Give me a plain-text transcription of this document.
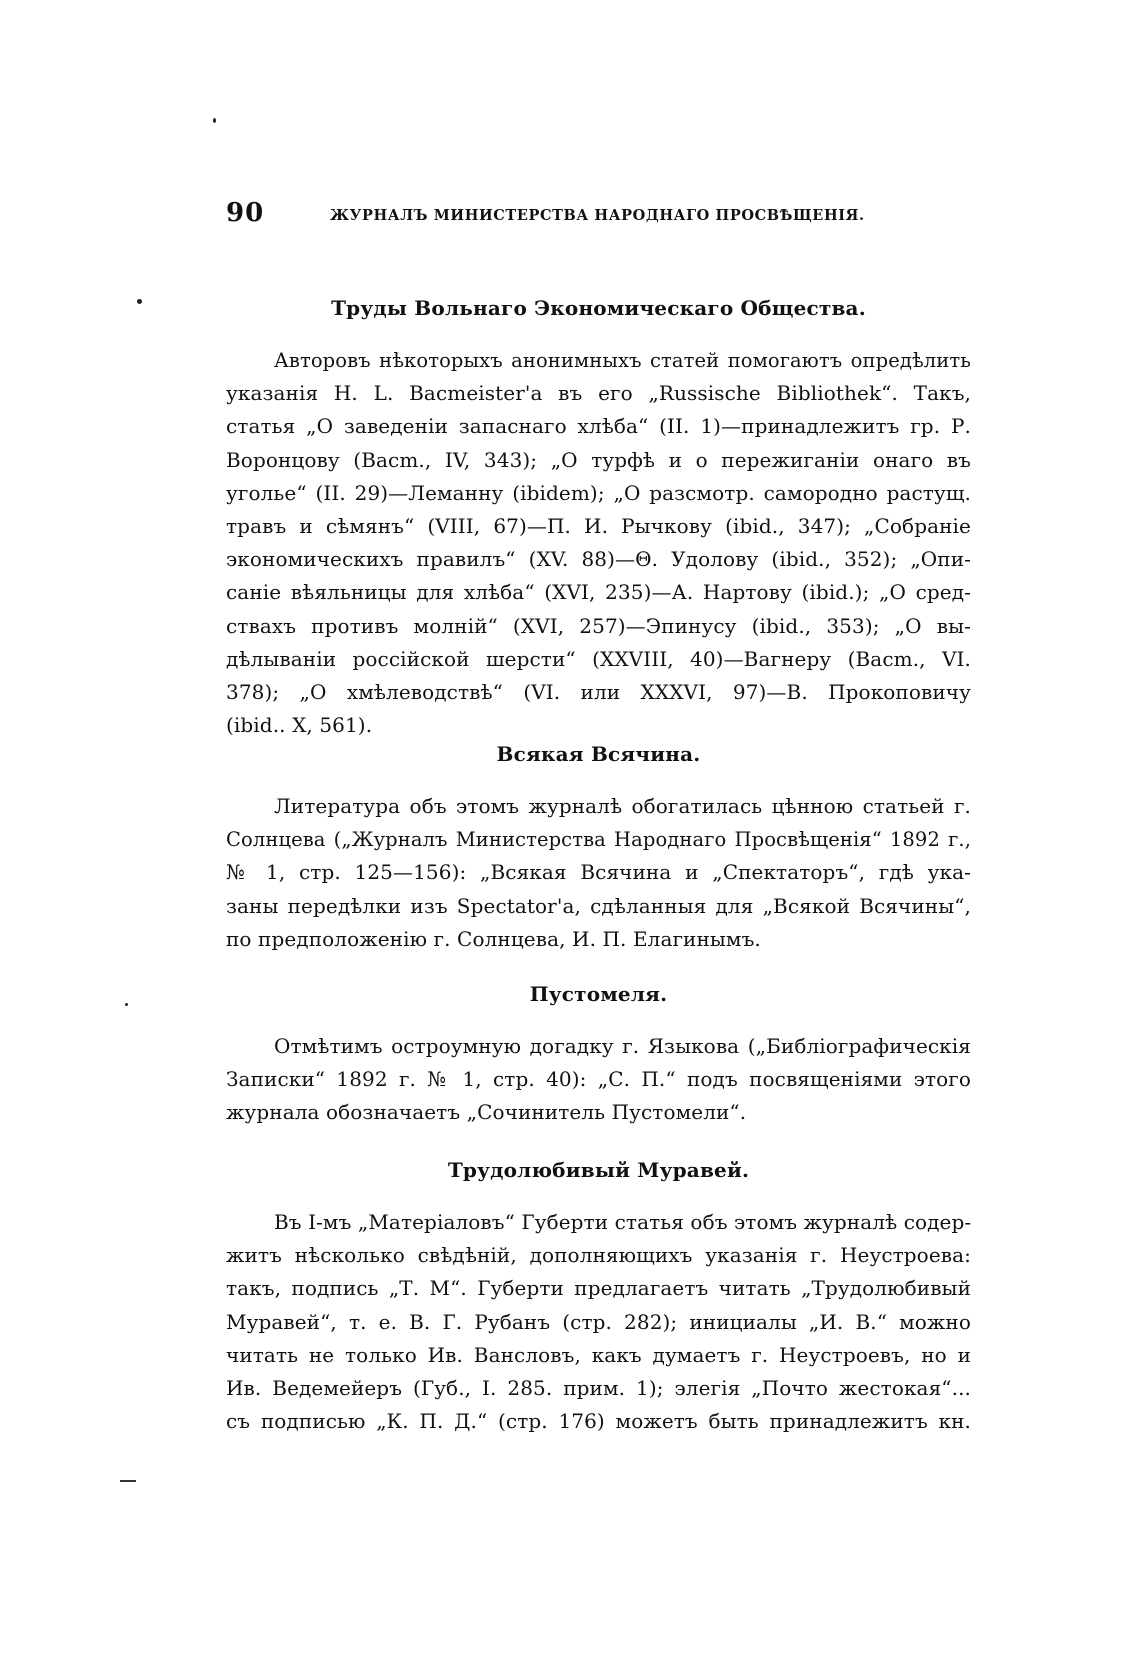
90	ЖУРНАЛЪ МИНИСТЕРСТВА НАРОДНАГО ПРОСВѢЩЕНІЯ.
Труды Вольнаго Экономическаго Общества.
Авторовъ нѣкоторыхъ анонимныхъ статей помогаютъ опредѣлить
указанія Н. L. Bacmeister'а въ его „Russische Bibliothek“. Такъ,
статья „О заведеніи запаснаго хлѣба“ (II. 1)—принадлежитъ гр. Р.
Воронцову (Bacm., IV, 343); „О турфѣ и о пережиганіи онаго въ
уголье“ (II. 29)—Леманну (ibidem); „О разсмотр. самородно растущ.
травъ и сѣмянъ“ (VIII, 67)—П. И. Рычкову (ibid., 347); „Собраніе
экономическихъ правилъ“ (XV. 88)—Θ. Удолову (ibid., 352); „Опи-
саніе вѣяльницы для хлѣба“ (XVI, 235)—А. Нартову (ibid.); „О сред-
ствахъ противъ молній“ (XVI, 257)—Эпинусу (ibid., 353); „О вы-
дѣлываніи россійской шерсти“ (XXVIII, 40)—Вагнеру (Bacm., VI.
378); „О хмѣлеводствѣ“ (VI. или XXXVI, 97)—В. Прокоповичу
(ibid.. X, 561).
Всякая Всячина.
Литература объ этомъ журналѣ обогатилась цѣнною статьей г.
Солнцева („Журналъ Министерства Народнаго Просвѣщенія“ 1892 г.,
№ 1, стр. 125—156): „Всякая Всячина и „Спектаторъ“, гдѣ ука-
заны передѣлки изъ Spectator'а, сдѣланныя для „Всякой Всячины“,
по предположенію г. Солнцева, И. П. Елагинымъ.
Пустомеля.
Отмѣтимъ остроумную догадку г. Языкова („Библіографическія
Записки“ 1892 г. № 1, стр. 40): „С. П.“ подъ посвященіями этого
журнала обозначаетъ „Сочинитель Пустомели“.
Трудолюбивый Муравей.
Въ I-мъ „Матеріаловъ“ Губерти статья объ этомъ журналѣ содер-
житъ нѣсколько свѣдѣній, дополняющихъ указанія г. Неустроева:
такъ, подпись „Т. М“. Губерти предлагаетъ читать „Трудолюбивый
Муравей“, т. е. В. Г. Рубанъ (стр. 282); инициалы „И. В.“ можно
читать не только Ив. Ванcловъ, какъ думаетъ г. Неустроевъ, но и
Ив. Ведемейеръ (Губ., I. 285. прим. 1); элегія „Почто жестокая“...
съ подписью „К. П. Д.“ (стр. 176) можетъ быть принадлежитъ кн.
